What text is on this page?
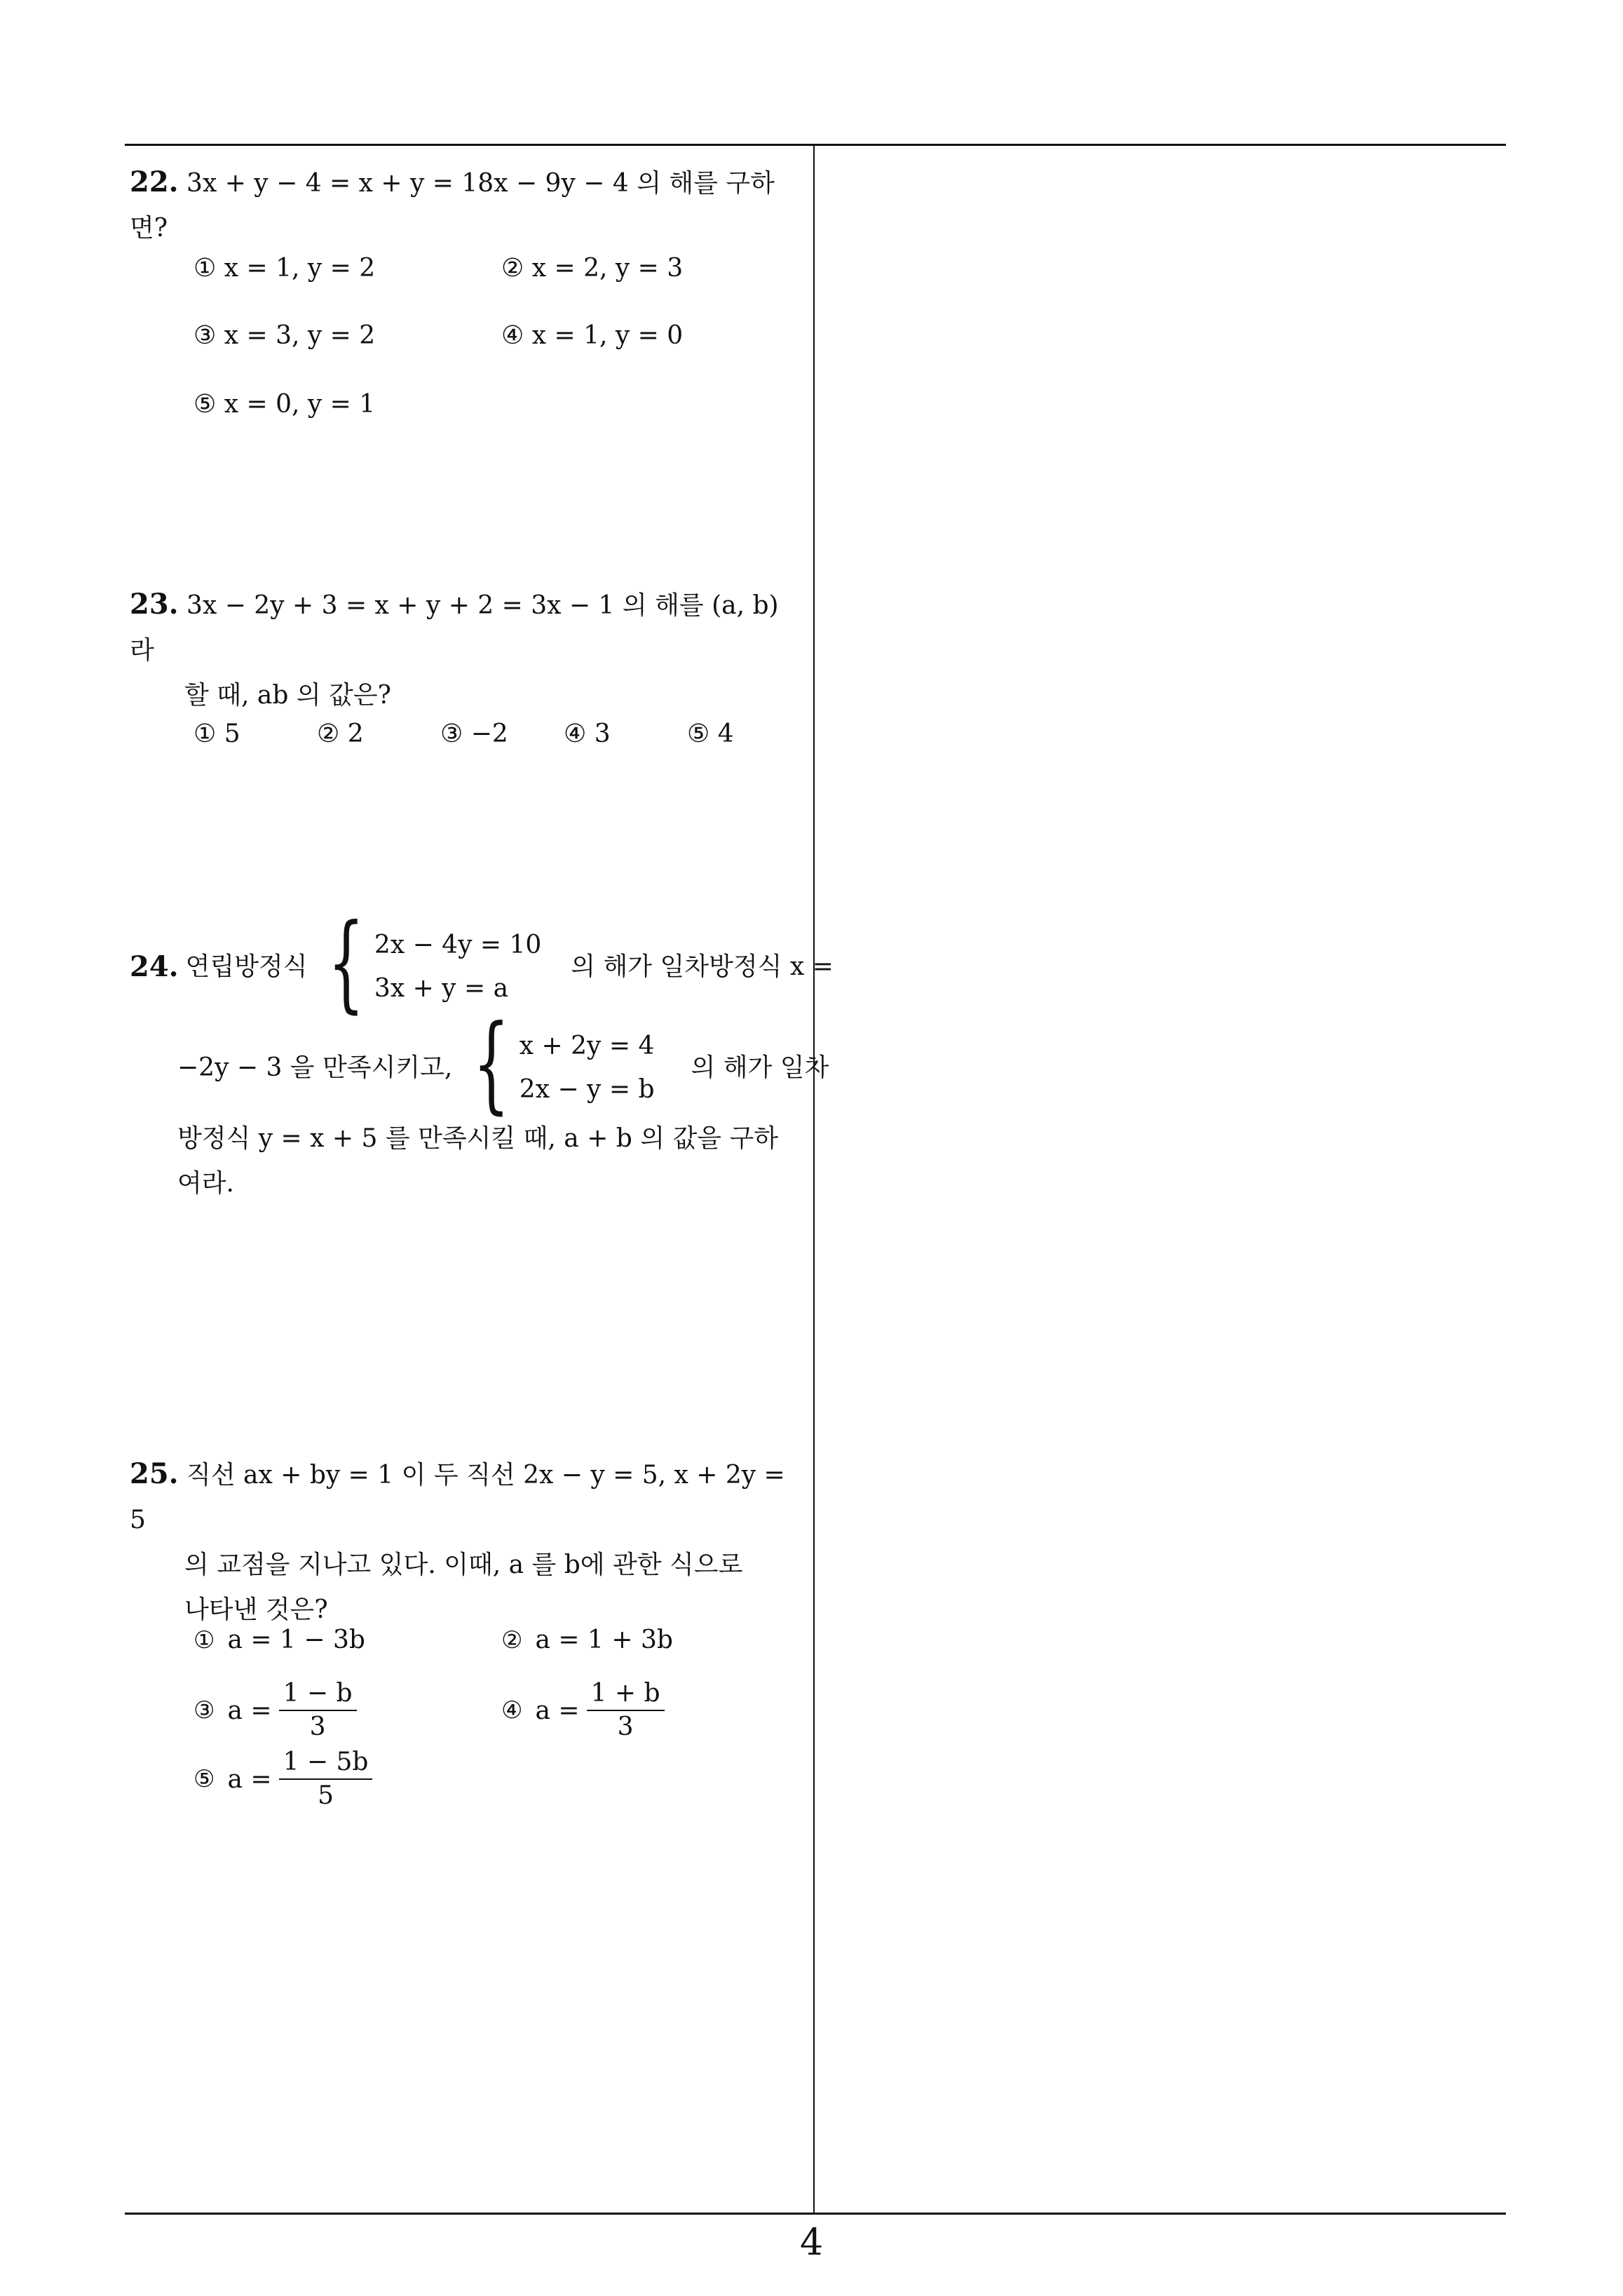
22. 3x + y − 4 = x + y = 18x − 9y − 4 의 해를 구하면?
① x = 1, y = 2	② x = 2, y = 3
③ x = 3, y = 2	④ x = 1, y = 0
⑤ x = 0, y = 1
23. 3x − 2y + 3 = x + y + 2 = 3x − 1 의 해를 (a, b) 라
할 때, ab 의 값은?
① 5	② 2	③ −2 ④ 3	⑤ 4
24. 연립방정식 { 2x − 4y = 10
3x + y = a
의 해가 일차방정식 x =
−2y − 3 을 만족시키고, { x + 2y = 4
2x − y = b
의 해가 일차
방정식 y = x + 5 를 만족시킬 때, a + b 의 값을 구하
여라.
25. 직선 ax + by = 1 이 두 직선 2x − y = 5, x + 2y = 5
의 교점을 지나고 있다. 이때, a 를 b에 관한 식으로
나타낸 것은?
① a = 1 − 3b	② a = 1 + 3b
③ $a = \frac{1 - b}{3}$	④ $a = \frac{1 + b}{3}$
⑤ $a = \frac{1 - 5b}{5}$
4
